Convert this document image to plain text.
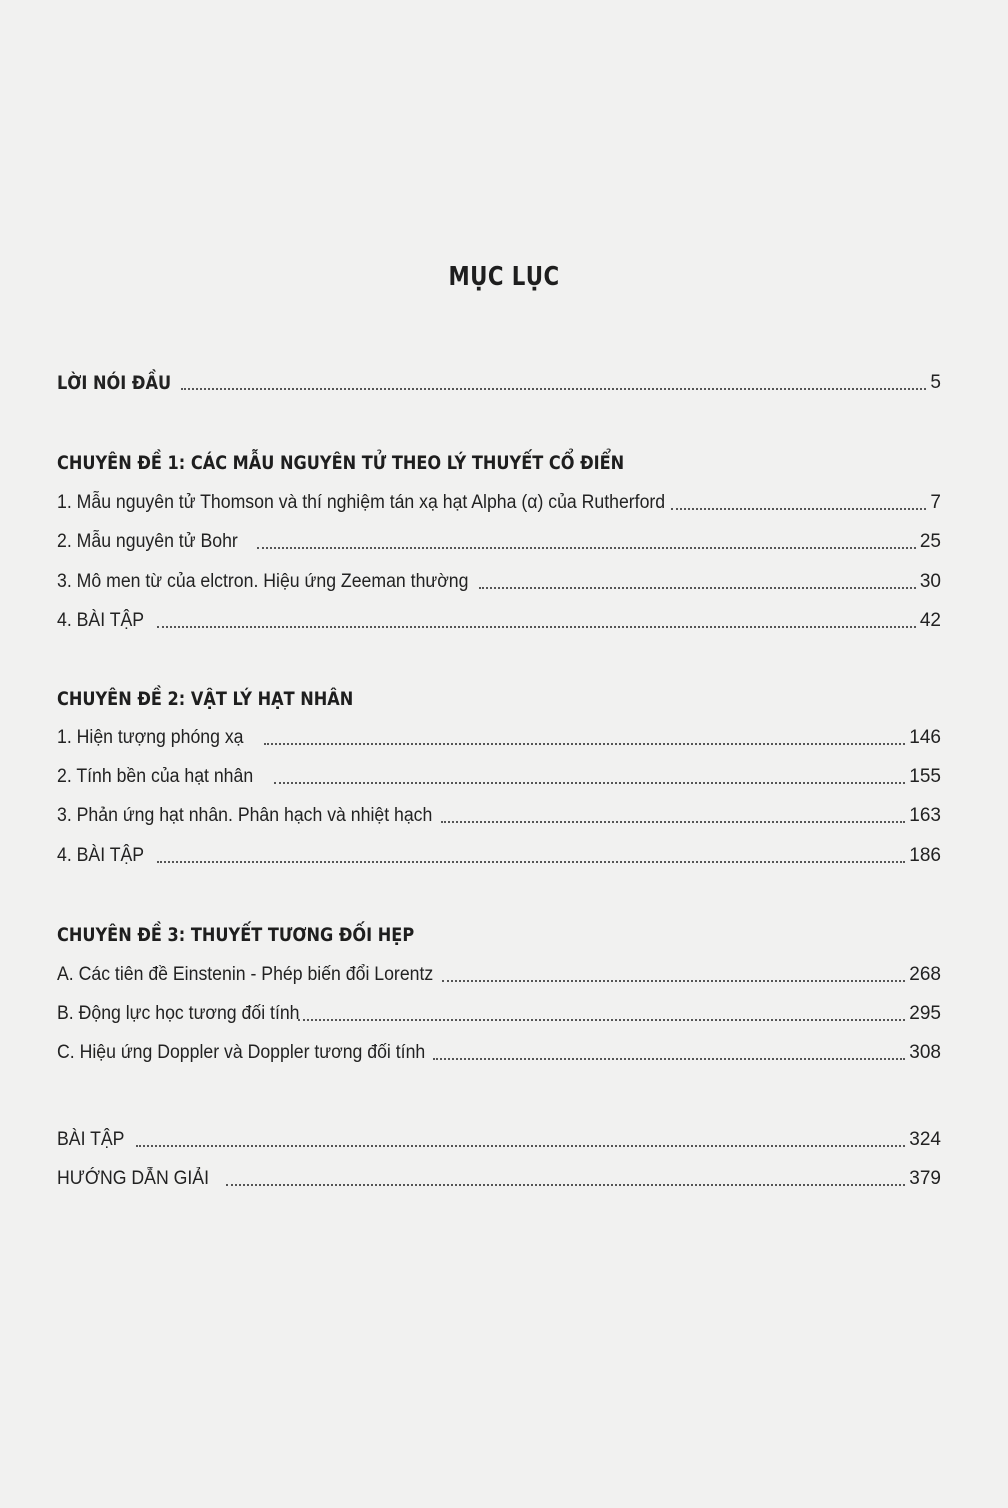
MỤC LỤC
LỜI NÓI ĐẦU	5
CHUYÊN ĐỀ 1: CÁC MẪU NGUYÊN TỬ THEO LÝ THUYẾT CỔ ĐIỂN
1. Mẫu nguyên tử Thomson và thí nghiệm tán xạ hạt Alpha (α) của Rutherford	7
2. Mẫu nguyên tử Bohr	25
3. Mô men từ của elctron. Hiệu ứng Zeeman thường	30
4. BÀI TẬP	42
CHUYÊN ĐỀ 2: VẬT LÝ HẠT NHÂN
1. Hiện tượng phóng xạ	146
2. Tính bền của hạt nhân	155
3. Phản ứng hạt nhân. Phân hạch và nhiệt hạch	163
4. BÀI TẬP	186
CHUYÊN ĐỀ 3: THUYẾT TƯƠNG ĐỐI HẸP
A. Các tiên đề Einstenin - Phép biến đổi Lorentz	268
B. Động lực học tương đối tính	295
C. Hiệu ứng Doppler và Doppler tương đối tính	308
BÀI TẬP	324
HƯỚNG DẪN GIẢI	379
